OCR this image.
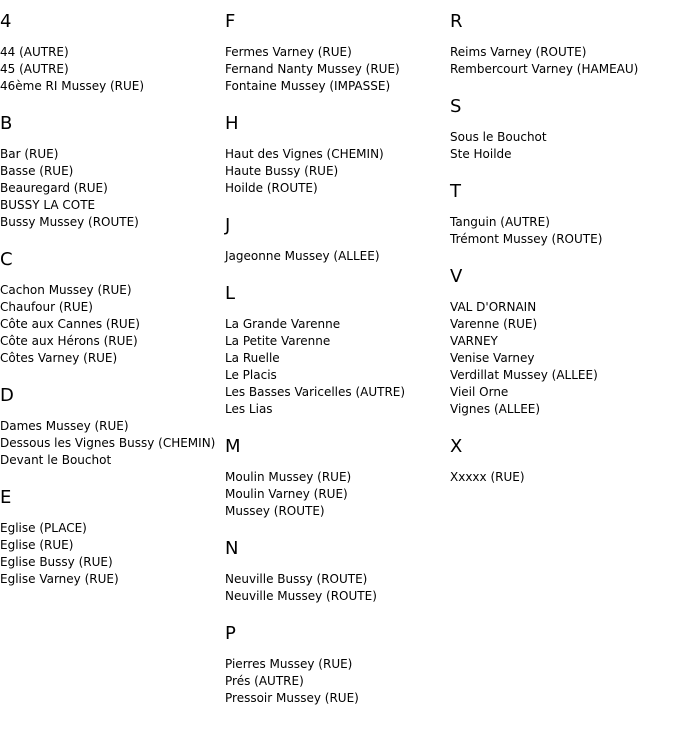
4
44 (AUTRE)
45 (AUTRE)
46ème RI Mussey (RUE)
B
Bar (RUE)
Basse (RUE)
Beauregard (RUE)
BUSSY LA COTE
Bussy Mussey (ROUTE)
C
Cachon Mussey (RUE)
Chaufour (RUE)
Côte aux Cannes (RUE)
Côte aux Hérons (RUE)
Côtes Varney (RUE)
D
Dames Mussey (RUE)
Dessous les Vignes Bussy (CHEMIN)
Devant le Bouchot
E
Eglise (PLACE)
Eglise (RUE)
Eglise Bussy (RUE)
Eglise Varney (RUE)
F
Fermes Varney (RUE)
Fernand Nanty Mussey (RUE)
Fontaine Mussey (IMPASSE)
H
Haut des Vignes (CHEMIN)
Haute Bussy (RUE)
Hoilde (ROUTE)
J
Jageonne Mussey (ALLEE)
L
La Grande Varenne
La Petite Varenne
La Ruelle
Le Placis
Les Basses Varicelles (AUTRE)
Les Lias
M
Moulin Mussey (RUE)
Moulin Varney (RUE)
Mussey (ROUTE)
N
Neuville Bussy (ROUTE)
Neuville Mussey (ROUTE)
P
Pierres Mussey (RUE)
Prés (AUTRE)
Pressoir Mussey (RUE)
R
Reims Varney (ROUTE)
Rembercourt Varney (HAMEAU)
S
Sous le Bouchot
Ste Hoilde
T
Tanguin (AUTRE)
Trémont Mussey (ROUTE)
V
VAL D'ORNAIN
Varenne (RUE)
VARNEY
Venise Varney
Verdillat Mussey (ALLEE)
Vieil Orne
Vignes (ALLEE)
X
Xxxxx (RUE)
